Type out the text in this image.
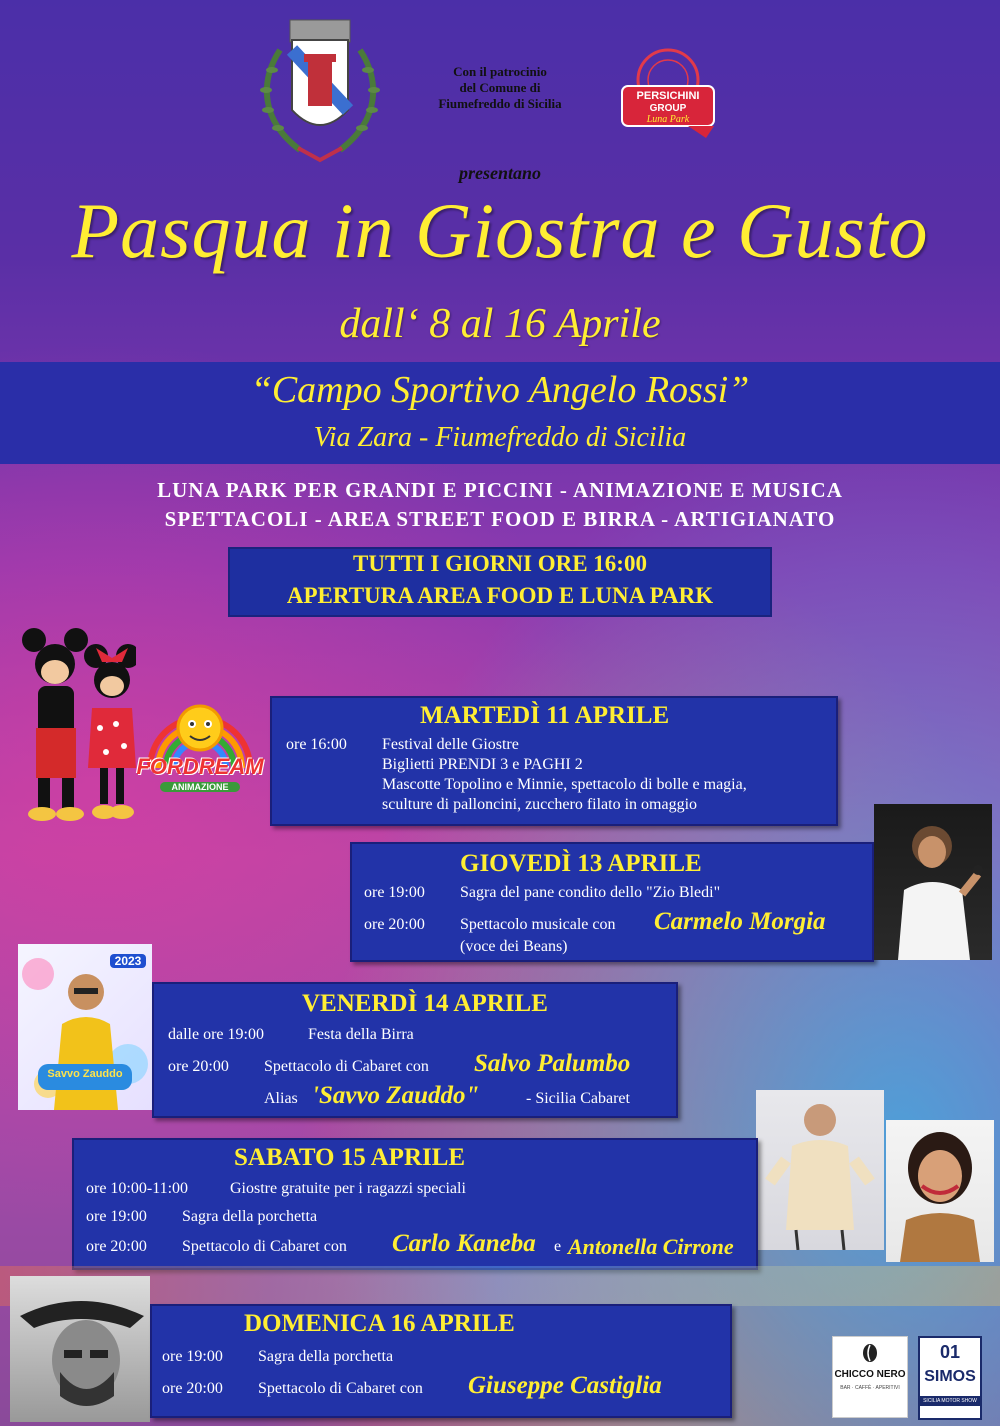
Con il patrocinio
del Comune di
Fiumefreddo di Sicilia	PERSICHINI
GROUP
Luna Park
presentano
Pasqua in Giostra e Gusto
dall‘ 8 al 16 Aprile
“Campo Sportivo Angelo Rossi”
Via Zara - Fiumefreddo di Sicilia
LUNA PARK PER GRANDI E PICCINI - ANIMAZIONE E MUSICA
SPETTACOLI - AREA STREET FOOD E BIRRA - ARTIGIANATO
TUTTI I GIORNI ORE 16:00
APERTURA AREA FOOD E LUNA PARK
FORDREAM
ANIMAZIONE
MARTEDÌ 11 APRILE
ore 16:00 Festival delle Giostre
Biglietti PRENDI 3 e PAGHI 2
Mascotte Topolino e Minnie, spettacolo di bolle e magia,
sculture di palloncini, zucchero filato in omaggio
GIOVEDÌ 13 APRILE
ore 19:00 Sagra del pane condito dello "Zio Bledi"
ore 20:00 Spettacolo musicale con Carmelo Morgia
(voce dei Beans)
2023
Savvo Zauddo
VENERDÌ 14 APRILE
dalle ore 19:00	Festa della Birra
ore 20:00 Spettacolo di Cabaret con Salvo Palumbo
Alias 'Savvo Zauddo"	- Sicilia Cabaret
SABATO 15 APRILE
ore 10:00-11:00	Giostre gratuite per i ragazzi speciali
ore 19:00 Sagra della porchetta
ore 20:00 Spettacolo di Cabaret con Carlo Kaneba e Antonella Cirrone
DOMENICA 16 APRILE
ore 19:00 Sagra della porchetta
ore 20:00 Spettacolo di Cabaret con Giuseppe Castiglia	CHICCO NERO
BAR · CAFFÈ · APERITIVI
01
SIMOS
SICILIA MOTOR SHOW
